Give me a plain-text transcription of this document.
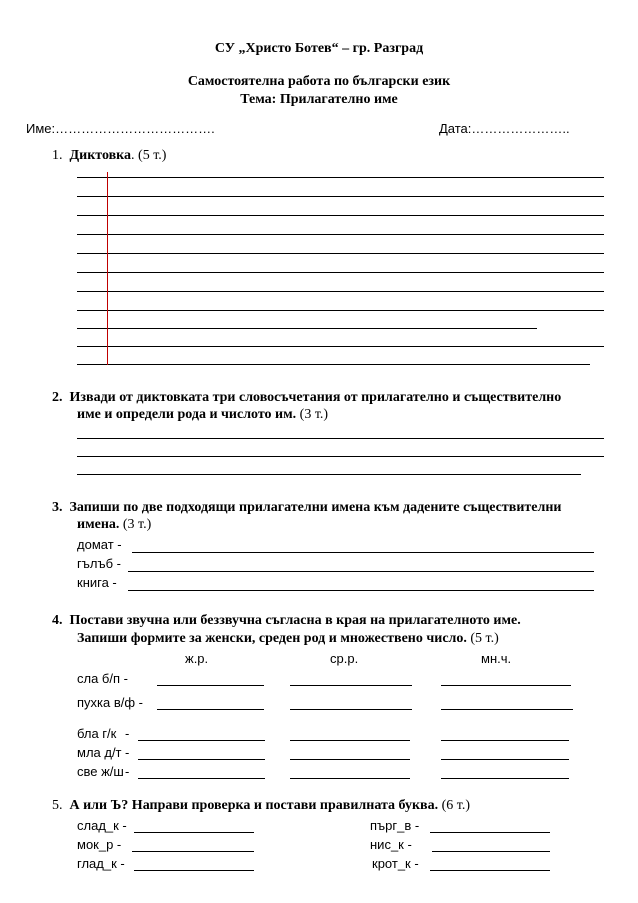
СУ „Христо Ботев“ – гр. Разград
Самостоятелна работа по български език
Тема: Прилагателно име
Име:……………………………….	Дата:…………………..
1. Диктовка. (5 т.)
2. Извади от диктовката три словосъчетания от прилагателно и съществително
име и определи рода и числото им. (3 т.)
3. Запиши по две подходящи прилагателни имена към дадените съществителни
имена. (3 т.)
домат -
гълъб -
книга -
4. Постави звучна или беззвучна съгласна в края на прилагателното име.
Запиши формите за женски, среден род и множествено число. (5 т.)
ж.р.	ср.р.	мн.ч.
сла б/п -
пухка в/ф -
бла г/к -
мла д/т -
све ж/ш -
5. А или Ъ? Направи проверка и постави правилната буква. (6 т.)
слад_к -
мок_р -
глад_к -
пърг_в -
нис_к -
крот_к -
